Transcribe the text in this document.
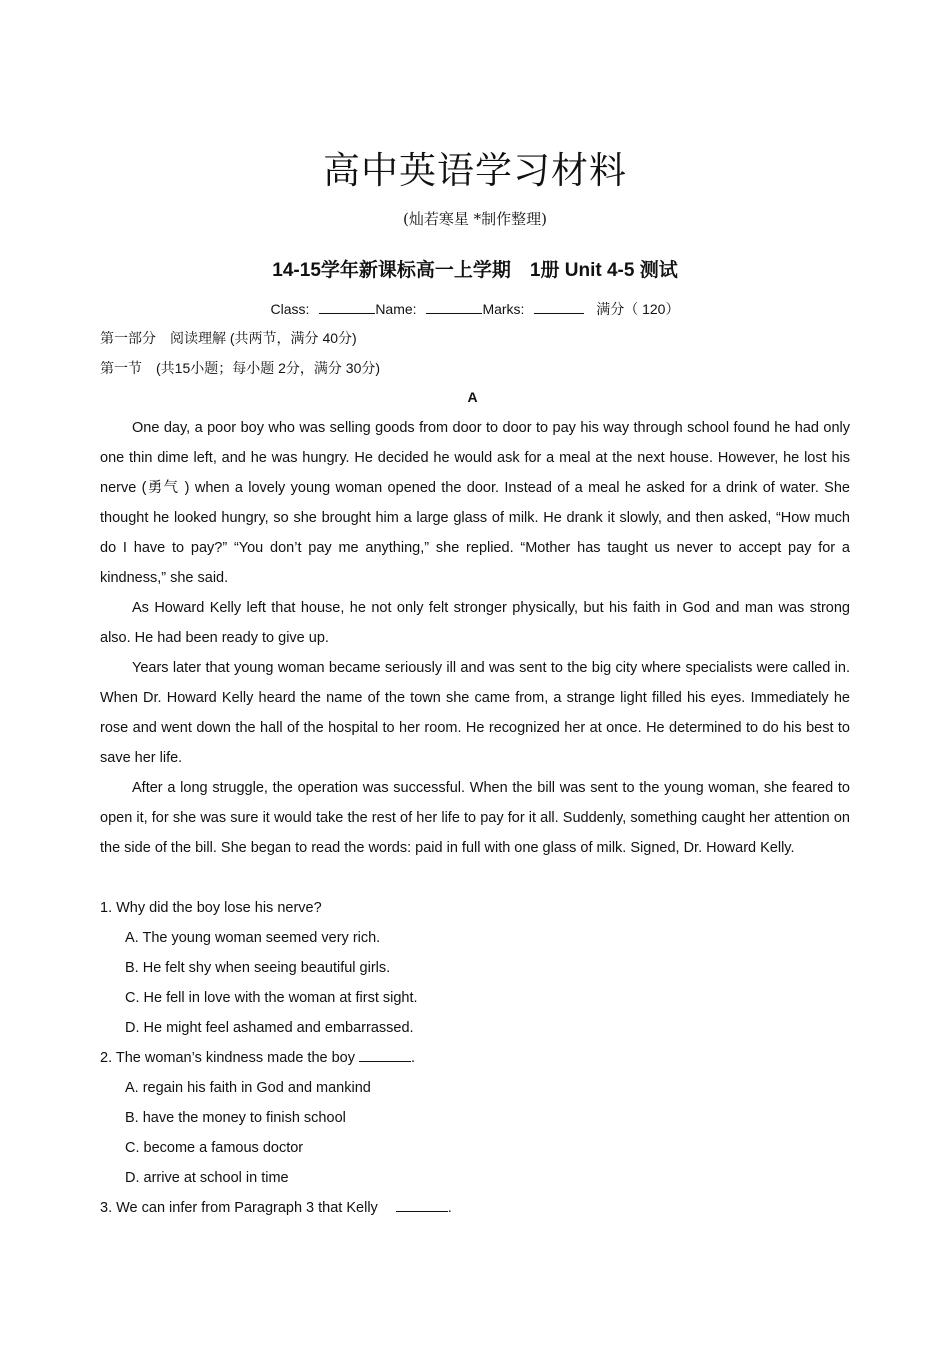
高中英语学习材料
(灿若寒星 *制作整理)
14-15学年新课标高一上学期　1册 Unit 4-5 测试
Class:	Name:	Marks:	满分（ 120）
第一部分　阅读理解 (共两节，满分 40分)
第一节　(共15小题；每小题 2分，满分 30分)
A

One day, a poor boy who was selling goods from door to door to pay his way through school found he had only one thin dime left, and he was hungry. He decided he would ask for a meal at the next house. However, he lost his nerve (勇气 ) when a lovely young woman opened the door. Instead of a meal he asked for a drink of water. She thought he looked hungry, so she brought him a large glass of milk. He drank it slowly, and then asked, “How much do I have to pay?” “You don’t pay me anything,” she replied. “Mother has taught us never to accept pay for a kindness,” she said.

As Howard Kelly left that house, he not only felt stronger physically, but his faith in God and man was strong also. He had been ready to give up.

Years later that young woman became seriously ill and was sent to the big city where specialists were called in. When Dr. Howard Kelly heard the name of the town she came from, a strange light filled his eyes. Immediately he rose and went down the hall of the hospital to her room. He recognized her at once. He determined to do his best to save her life.

After a long struggle, the operation was successful. When the bill was sent to the young woman, she feared to open it, for she was sure it would take the rest of her life to pay for it all. Suddenly, something caught her attention on the side of the bill. She began to read the words: paid in full with one glass of milk. Signed, Dr. Howard Kelly.

1. Why did the boy lose his nerve?

A. The young woman seemed very rich.

B. He felt shy when seeing beautiful girls.

C. He fell in love with the woman at first sight.

D. He might feel ashamed and embarrassed.

2. The woman’s kindness made the boy	.

A. regain his faith in God and mankind

B. have the money to finish school

C. become a famous doctor

D. arrive at school in time

3. We can infer from Paragraph 3 that Kelly	.
